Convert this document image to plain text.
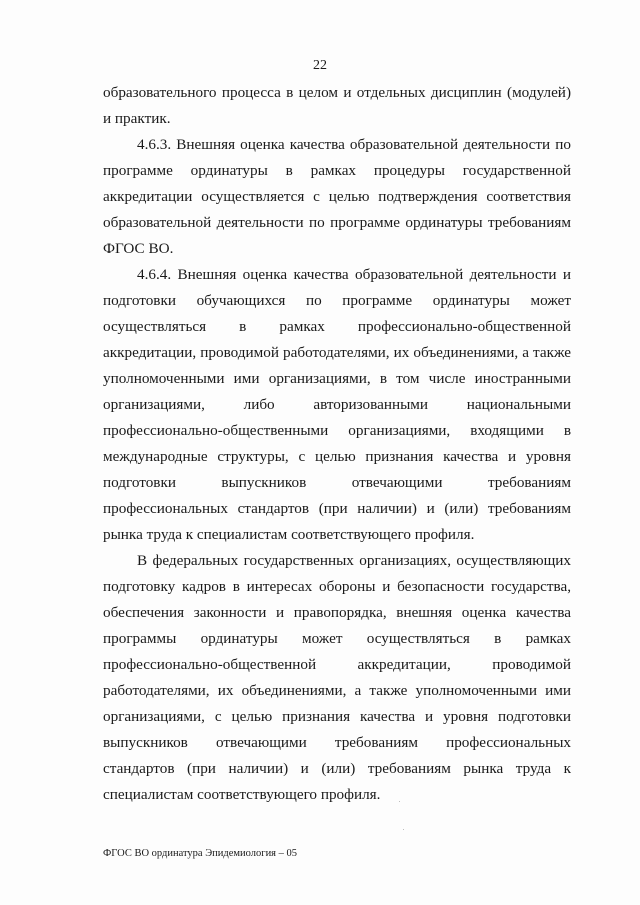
22

образовательного процесса в целом и отдельных дисциплин (модулей) и практик.

4.6.3. Внешняя оценка качества образовательной деятельности по программе ординатуры в рамках процедуры государственной аккредитации осуществляется с целью подтверждения соответствия образовательной деятельности по программе ординатуры требованиям ФГОС ВО.

4.6.4. Внешняя оценка качества образовательной деятельности и подготовки обучающихся по программе ординатуры может осуществляться в рамках профессионально-общественной аккредитации, проводимой работодателями, их объединениями, а также уполномоченными ими организациями, в том числе иностранными организациями, либо авторизованными национальными профессионально-общественными организациями, входящими в международные структуры, с целью признания качества и уровня подготовки выпускников отвечающими требованиям профессиональных стандартов (при наличии) и (или) требованиям рынка труда к специалистам соответствующего профиля.

В федеральных государственных организациях, осуществляющих подготовку кадров в интересах обороны и безопасности государства, обеспечения законности и правопорядка, внешняя оценка качества программы ординатуры может осуществляться в рамках профессионально-общественной аккредитации, проводимой работодателями, их объединениями, а также уполномоченными ими организациями, с целью признания качества и уровня подготовки выпускников отвечающими требованиям профессиональных стандартов (при наличии) и (или) требованиям рынка труда к специалистам соответствующего профиля.

ФГОС ВО ординатура Эпидемиология – 05
